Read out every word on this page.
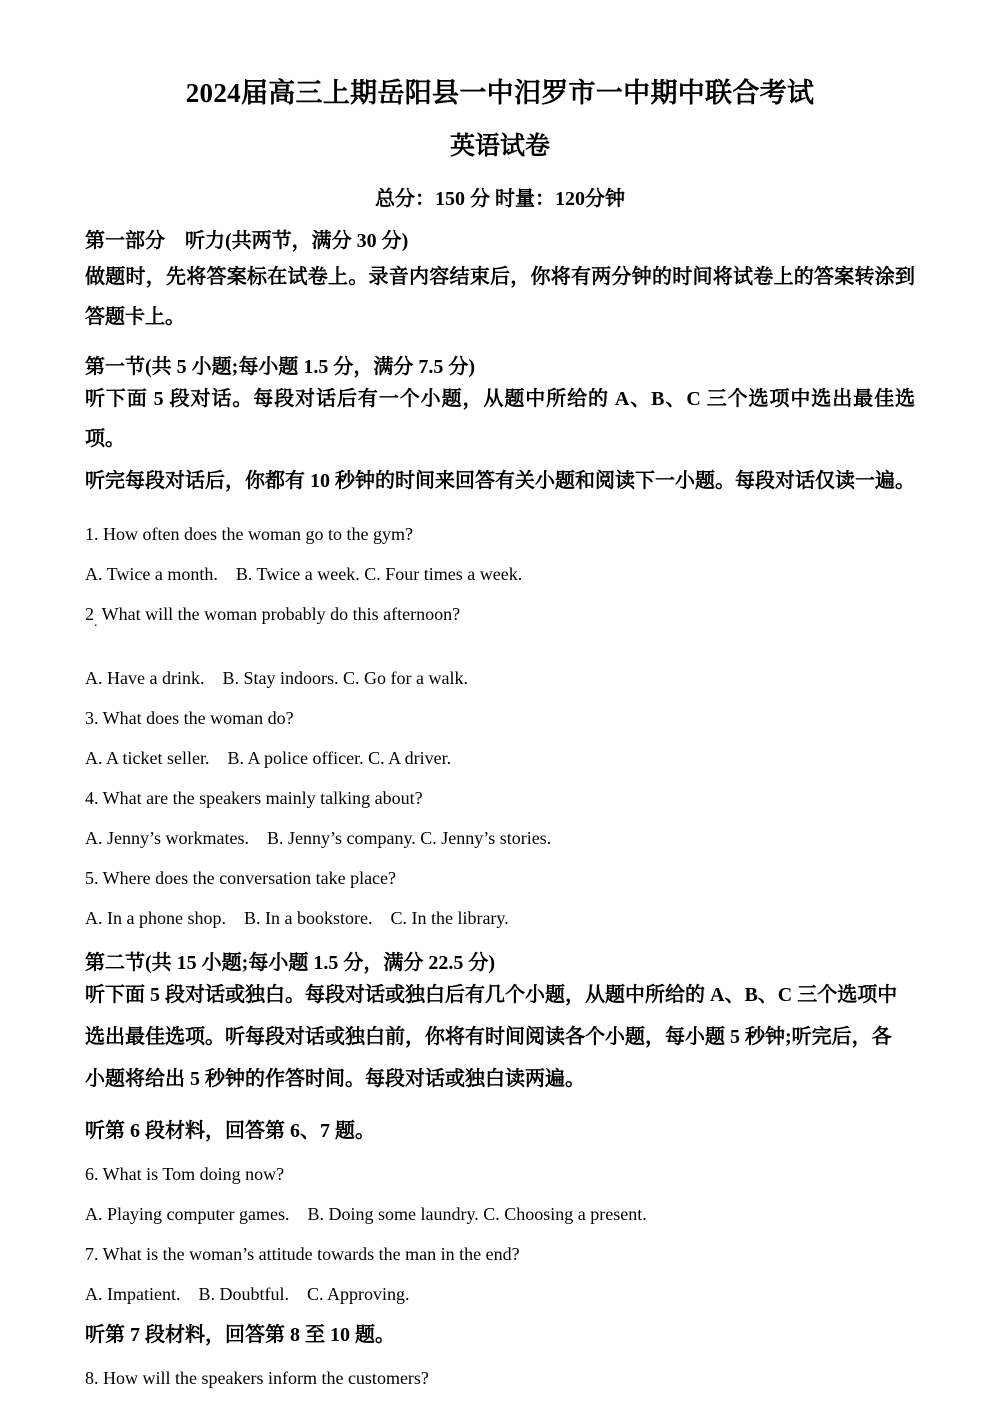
2024届高三上期岳阳县一中汨罗市一中期中联合考试
英语试卷

总分：150 分 时量：120分钟

第一部分　听力(共两节，满分 30 分)

做题时，先将答案标在试卷上。录音内容结束后，你将有两分钟的时间将试卷上的答案转涂到答题卡上。

第一节(共 5 小题;每小题 1.5 分，满分 7.5 分)

听下面 5 段对话。每段对话后有一个小题，从题中所给的 A、B、C 三个选项中选出最佳选项。

听完每段对话后，你都有 10 秒钟的时间来回答有关小题和阅读下一小题。每段对话仅读一遍。

1. How often does the woman go to the gym?

A. Twice a month.　B. Twice a week. C. Four times a week.

2. What will the woman probably do this afternoon?

A. Have a drink.　B. Stay indoors. C. Go for a walk.

3. What does the woman do?

A. A ticket seller.　B. A police officer. C. A driver.

4. What are the speakers mainly talking about?

A. Jenny’s workmates.　B. Jenny’s company. C. Jenny’s stories.

5. Where does the conversation take place?

A. In a phone shop.　B. In a bookstore.　C. In the library.

第二节(共 15 小题;每小题 1.5 分，满分 22.5 分)

听下面 5 段对话或独白。每段对话或独白后有几个小题，从题中所给的 A、B、C 三个选项中

选出最佳选项。听每段对话或独白前，你将有时间阅读各个小题，每小题 5 秒钟;听完后，各

小题将给出 5 秒钟的作答时间。每段对话或独白读两遍。

听第 6 段材料，回答第 6、7 题。

6. What is Tom doing now?

A. Playing computer games.　B. Doing some laundry. C. Choosing a present.

7. What is the woman’s attitude towards the man in the end?

A. Impatient.　B. Doubtful.　C. Approving.

听第 7 段材料，回答第 8 至 10 题。

8. How will the speakers inform the customers?
